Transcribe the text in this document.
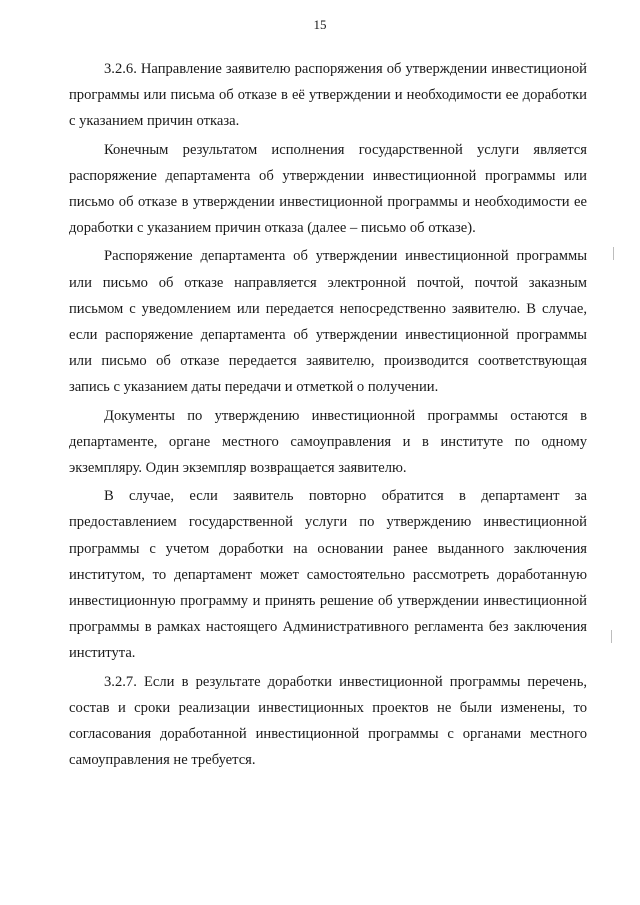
15

3.2.6. Направление заявителю распоряжения об утверждении инвестиционой программы или письма об отказе в её утверждении и необходимости ее доработки с указанием причин отказа.

Конечным результатом исполнения государственной услуги является распоряжение департамента об утверждении инвестиционной программы или письмо об отказе в утверждении инвестиционной программы и необходимости ее доработки с указанием причин отказа (далее – письмо об отказе).

Распоряжение департамента об утверждении инвестиционной программы или письмо об отказе направляется электронной почтой, почтой заказным письмом с уведомлением или передается непосредственно заявителю. В случае, если распоряжение департамента об утверждении инвестиционной программы или письмо об отказе передается заявителю, производится соответствующая запись с указанием даты передачи и отметкой о получении.

Документы по утверждению инвестиционной программы остаются в департаменте, органе местного самоуправления и в институте по одному экземпляру. Один экземпляр возвращается заявителю.

В случае, если заявитель повторно обратится в департамент за предоставлением государственной услуги по утверждению инвестиционной программы с учетом доработки на основании ранее выданного заключения институтом, то департамент может самостоятельно рассмотреть доработанную инвестиционную программу и принять решение об утверждении инвестиционной программы в рамках настоящего Административного регламента без заключения института.

3.2.7. Если в результате доработки инвестиционной программы перечень, состав и сроки реализации инвестиционных проектов не были изменены, то согласования доработанной инвестиционной программы с органами местного самоуправления не требуется.
